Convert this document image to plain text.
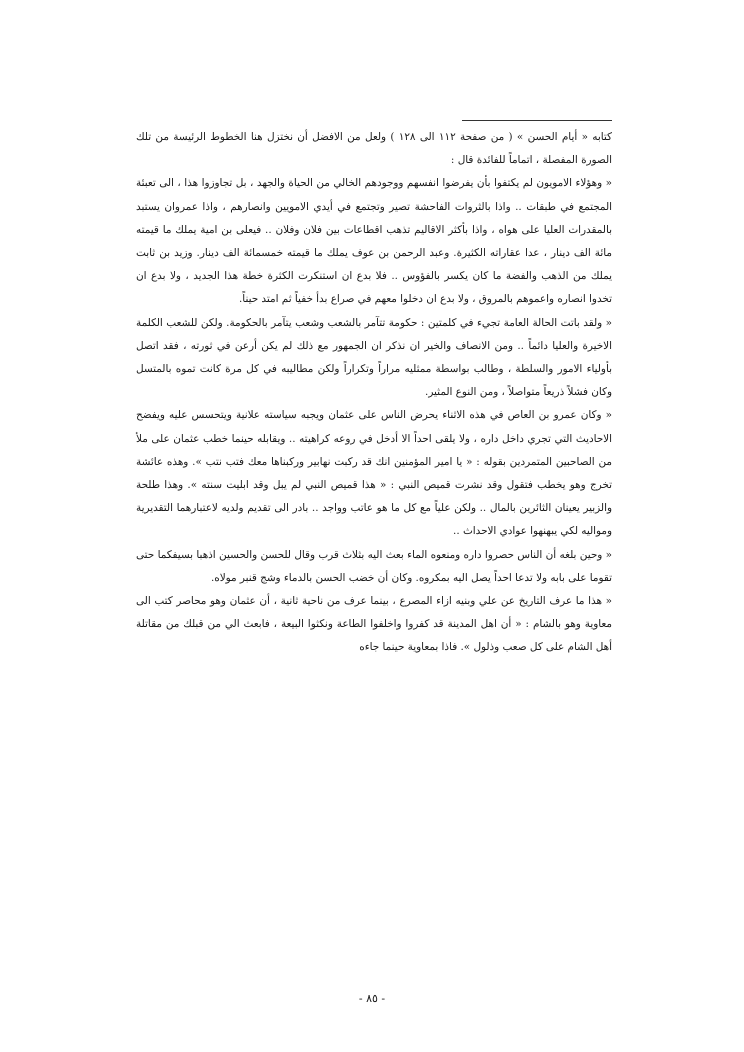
كتابه « أيام الحسن » ( من صفحة ١١٢ الى ١٢٨ ) ولعل من الافضل أن نختزل هنا الخطوط الرئيسة من تلك الصورة المفصلة ، اتماماً للفائدة قال :

« وهؤلاء الامويون لم يكتفوا بأن يفرضوا انفسهم ووجودهم الخالي من الحياة والجهد ، بل تجاوزوا هذا ، الى تعبئة المجتمع في طبقات .. واذا بالثروات الفاحشة تصير وتجتمع في أيدي الامويين وانصارهم ، واذا عمروان يستبد بالمقدرات العليا على هواه ، واذا بأكثر الاقاليم تذهب اقطاعات بين فلان وفلان .. فيعلى بن امية يملك ما قيمته مائة الف دينار ، عدا عقاراته الكثيرة. وعبد الرحمن بن عوف يملك ما قيمته خمسمائة الف دينار. وزيد بن ثابت يملك من الذهب والفضة ما كان يكسر بالفؤوس .. فلا بدع ان استنكرت الكثرة خطة هذا الجديد ، ولا بدع ان تخدوا انصاره واعموهم بالمروق ، ولا بدع ان دخلوا معهم في صراع بدأ خفياً ثم امتد حيناً.

« ولقد باتت الحالة العامة تجيء في كلمتين : حكومة تتآمر بالشعب وشعب يتآمر بالحكومة. ولكن للشعب الكلمة الاخيرة والعليا دائماً .. ومن الانصاف والخير ان نذكر ان الجمهور مع ذلك لم يكن أرعن في ثورته ، فقد اتصل بأولياء الامور والسلطة ، وطالب بواسطة ممثليه مراراً وتكراراً ولكن مطاليبه في كل مرة كانت تموه بالمتسل وكان فشلاً ذريعاً متواصلاً ، ومن النوع المثير.

« وكان عمرو بن العاص في هذه الاثناء يحرض الناس على عثمان ويجبه سياسته علانية ويتحسس عليه ويفضح الاحاديث التي تجري داخل داره ، ولا يلقى احداً الا أدخل في روعه كراهيته .. ويقابله حينما خطب عثمان على ملأ من الصاحبين المتمردين بقوله : « يا امير المؤمنين انك قد ركبت نهابير وركبناها معك فتب نتب ». وهذه عائشة تخرج وهو يخطب فتقول وقد نشرت قميص النبي : « هذا قميص النبي لم يبل وقد ابليت سنته ». وهذا طلحة والزبير يعينان الثائرين بالمال .. ولكن علياً مع كل ما هو عاتب وواجد .. بادر الى تقديم ولديه لاعتبارهما التقديرية ومواليه لكي يبهنهوا عوادي الاحداث ..

« وحين بلغه أن الناس حصروا داره ومنعوه الماء بعث اليه بثلاث قرب وقال للحسن والحسين اذهبا بسيفكما حتى تقوما على بابه ولا تدعا احداً يصل اليه بمكروه. وكان أن خضب الحسن بالدماء وشج قنبر مولاه.

« هذا ما عرف التاريخ عن علي وبنيه ازاء المصرع ، بينما عرف من ناحية ثانية ، أن عثمان وهو محاصر كتب الى معاوية وهو بالشام : « أن اهل المدينة قد كفروا واخلفوا الطاعة ونكثوا البيعة ، فابعث الي من قبلك من مقاتلة أهل الشام على كل صعب وذلول ». فاذا بمعاوية حينما جاءه

- ٨٥ -
